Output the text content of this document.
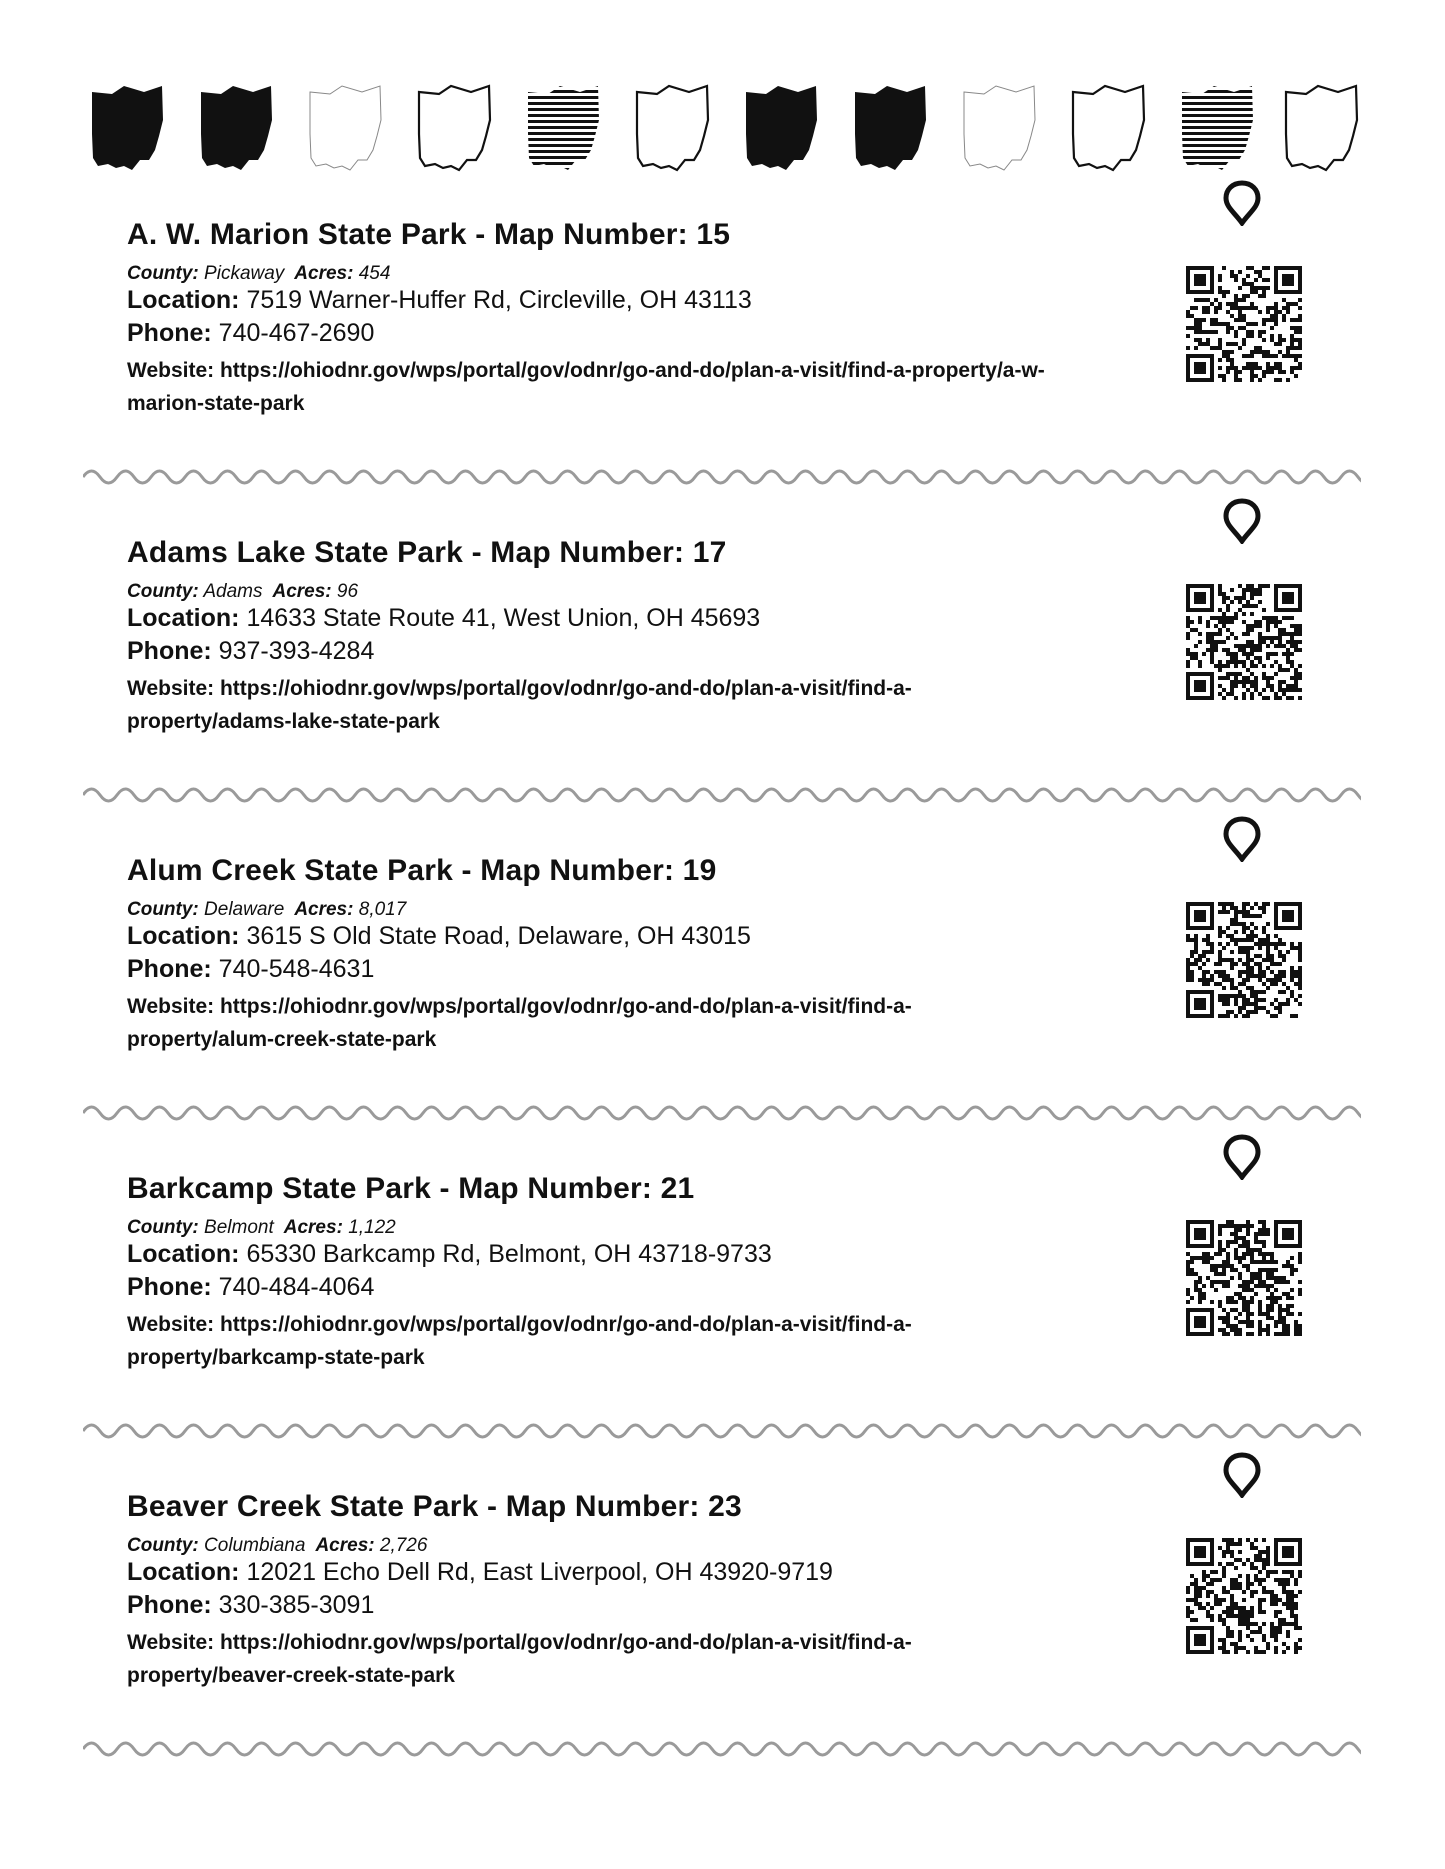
A. W. Marion State Park - Map Number: 15
County: Pickaway Acres: 454
Location: 7519 Warner-Huffer Rd, Circleville, OH 43113
Phone: 740-467-2690
Website: https://ohiodnr.gov/wps/portal/gov/odnr/go-and-do/plan-a-visit/find-a-property/a-w-marion-state-park
Adams Lake State Park - Map Number: 17
County: Adams Acres: 96
Location: 14633 State Route 41, West Union, OH 45693
Phone: 937-393-4284
Website: https://ohiodnr.gov/wps/portal/gov/odnr/go-and-do/plan-a-visit/find-a-property/adams-lake-state-park
Alum Creek State Park - Map Number: 19
County: Delaware Acres: 8,017
Location: 3615 S Old State Road, Delaware, OH 43015
Phone: 740-548-4631
Website: https://ohiodnr.gov/wps/portal/gov/odnr/go-and-do/plan-a-visit/find-a-property/alum-creek-state-park
Barkcamp State Park - Map Number: 21
County: Belmont Acres: 1,122
Location: 65330 Barkcamp Rd, Belmont, OH 43718-9733
Phone: 740-484-4064
Website: https://ohiodnr.gov/wps/portal/gov/odnr/go-and-do/plan-a-visit/find-a-property/barkcamp-state-park
Beaver Creek State Park - Map Number: 23
County: Columbiana Acres: 2,726
Location: 12021 Echo Dell Rd, East Liverpool, OH 43920-9719
Phone: 330-385-3091
Website: https://ohiodnr.gov/wps/portal/gov/odnr/go-and-do/plan-a-visit/find-a-property/beaver-creek-state-park
